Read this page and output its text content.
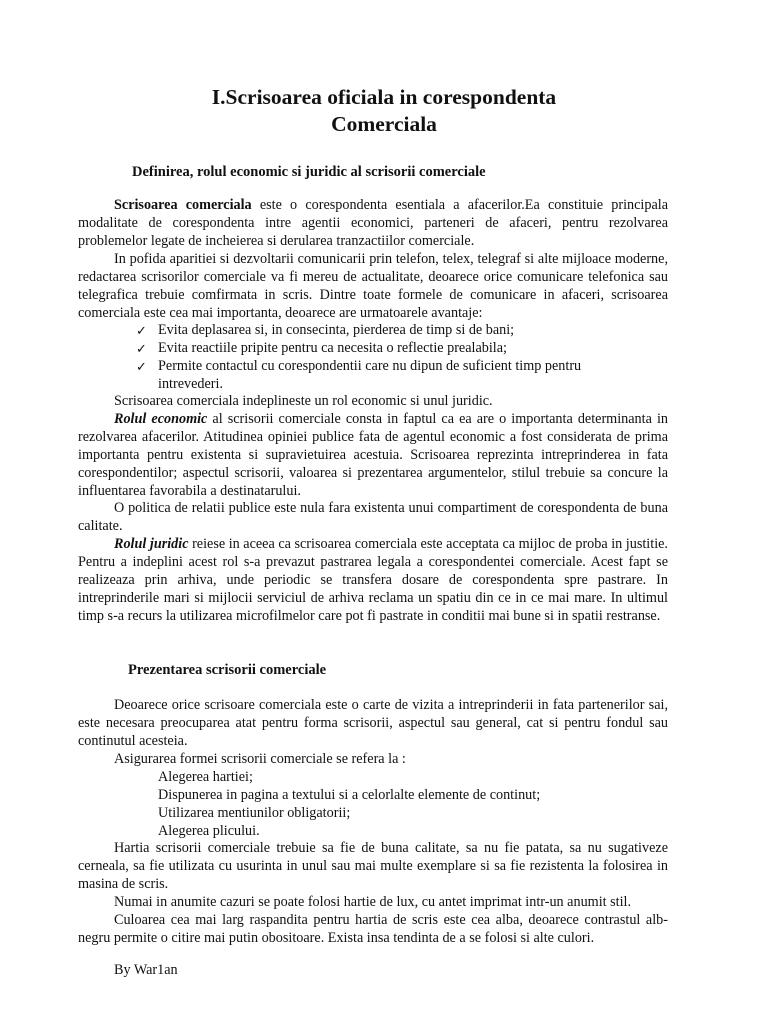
I.Scrisoarea oficiala in corespondenta
Comerciala
Definirea, rolul economic si juridic al scrisorii comerciale
Scrisoarea comerciala este o corespondenta esentiala a afacerilor.Ea constituie principala modalitate de corespondenta intre agentii economici, parteneri de afaceri, pentru rezolvarea problemelor legate de incheierea si derularea tranzactiilor comerciale.
In pofida aparitiei si dezvoltarii comunicarii prin telefon, telex, telegraf si alte mijloace moderne, redactarea scrisorilor comerciale va fi mereu de actualitate, deoarece orice comunicare telefonica sau telegrafica trebuie comfirmata in scris. Dintre toate formele de comunicare in afaceri, scrisoarea comerciala este cea mai importanta, deoarece are urmatoarele avantaje:
✓ Evita deplasarea si, in consecinta, pierderea de timp si de bani;
✓ Evita reactiile pripite pentru ca necesita o reflectie prealabila;
✓ Permite contactul cu corespondentii care nu dipun de suficient timp pentru intrevederi.
Scrisoarea comerciala indeplineste un rol economic si unul juridic.
Rolul economic al scrisorii comerciale consta in faptul ca ea are o importanta determinanta in rezolvarea afacerilor. Atitudinea opiniei publice fata de agentul economic a fost considerata de prima importanta pentru existenta si supravietuirea acestuia. Scrisoarea reprezinta intreprinderea in fata corespondentilor; aspectul scrisorii, valoarea si prezentarea argumentelor, stilul trebuie sa concure la influentarea favorabila a destinatarului.
O politica de relatii publice este nula fara existenta unui compartiment de corespondenta de buna calitate.
Rolul juridic reiese in aceea ca scrisoarea comerciala este acceptata ca mijloc de proba in justitie. Pentru a indeplini acest rol s-a prevazut pastrarea legala a corespondentei comerciale. Acest fapt se realizeaza prin arhiva, unde periodic se transfera dosare de corespondenta spre pastrare. In intreprinderile mari si mijlocii serviciul de arhiva reclama un spatiu din ce in ce mai mare. In ultimul timp s-a recurs la utilizarea microfilmelor care pot fi pastrate in conditii mai bune si in spatii restranse.
Prezentarea scrisorii comerciale
Deoarece orice scrisoare comerciala este o carte de vizita a intreprinderii in fata partenerilor sai, este necesara preocuparea atat pentru forma scrisorii, aspectul sau general, cat si pentru fondul sau continutul acesteia.
Asigurarea formei scrisorii comerciale se refera la :
Alegerea hartiei;
Dispunerea in pagina a textului si a celorlalte elemente de continut;
Utilizarea mentiunilor obligatorii;
Alegerea plicului.
Hartia scrisorii comerciale trebuie sa fie de buna calitate, sa nu fie patata, sa nu sugativeze cerneala, sa fie utilizata cu usurinta in unul sau mai multe exemplare si sa fie rezistenta la folosirea in masina de scris.
Numai in anumite cazuri se poate folosi hartie de lux, cu antet imprimat intr-un anumit stil.
Culoarea cea mai larg raspandita pentru hartia de scris este cea alba, deoarece contrastul alb-negru permite o citire mai putin obositoare. Exista insa tendinta de a se folosi si alte culori.
By War1an
